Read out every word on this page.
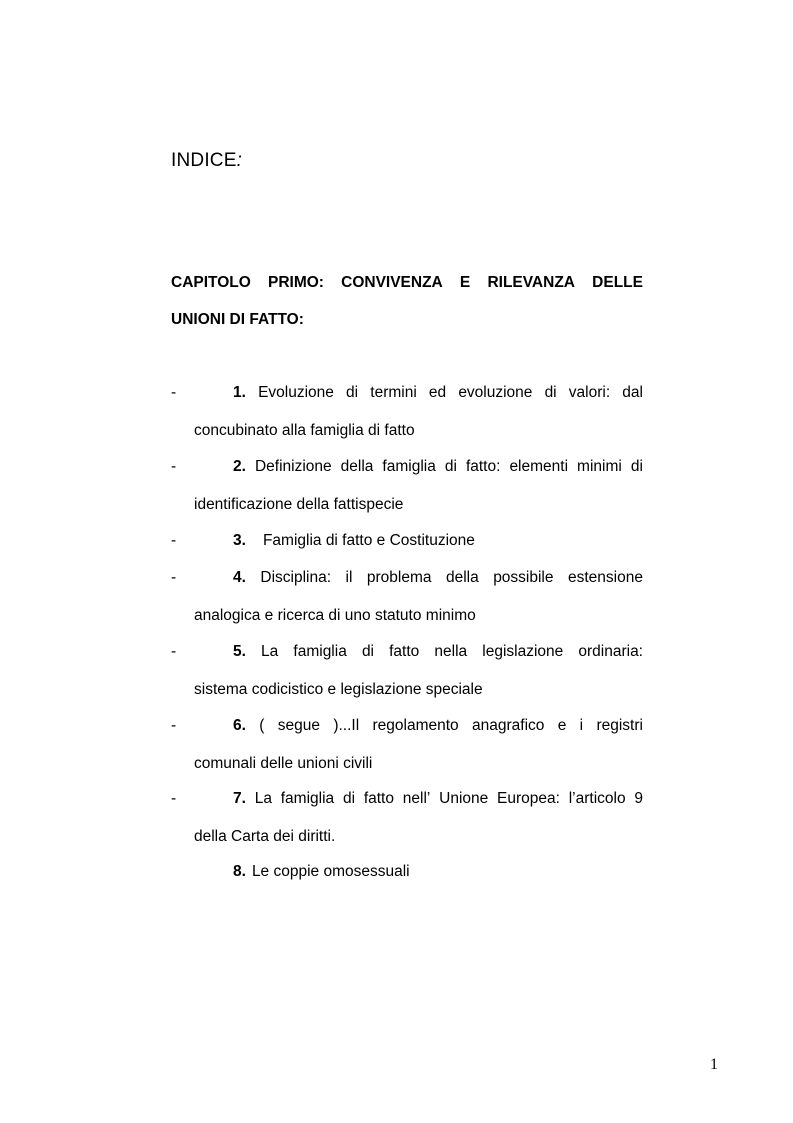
INDICE:
CAPITOLO PRIMO: CONVIVENZA E RILEVANZA DELLE
UNIONI DI FATTO:
-	1. Evoluzione di termini ed evoluzione di valori: dal
concubinato alla famiglia di fatto
-	2. Definizione della famiglia di fatto: elementi minimi di
identificazione della fattispecie
-	3. Famiglia di fatto e Costituzione
-	4. Disciplina: il problema della possibile estensione
analogica e ricerca di uno statuto minimo
-	5. La famiglia di fatto nella legislazione ordinaria:
sistema codicistico e legislazione speciale
-	6. ( segue )...Il regolamento anagrafico e i registri
comunali delle unioni civili
-	7. La famiglia di fatto nell’ Unione Europea: l’articolo 9
della Carta dei diritti.
8. Le coppie omosessuali
1
